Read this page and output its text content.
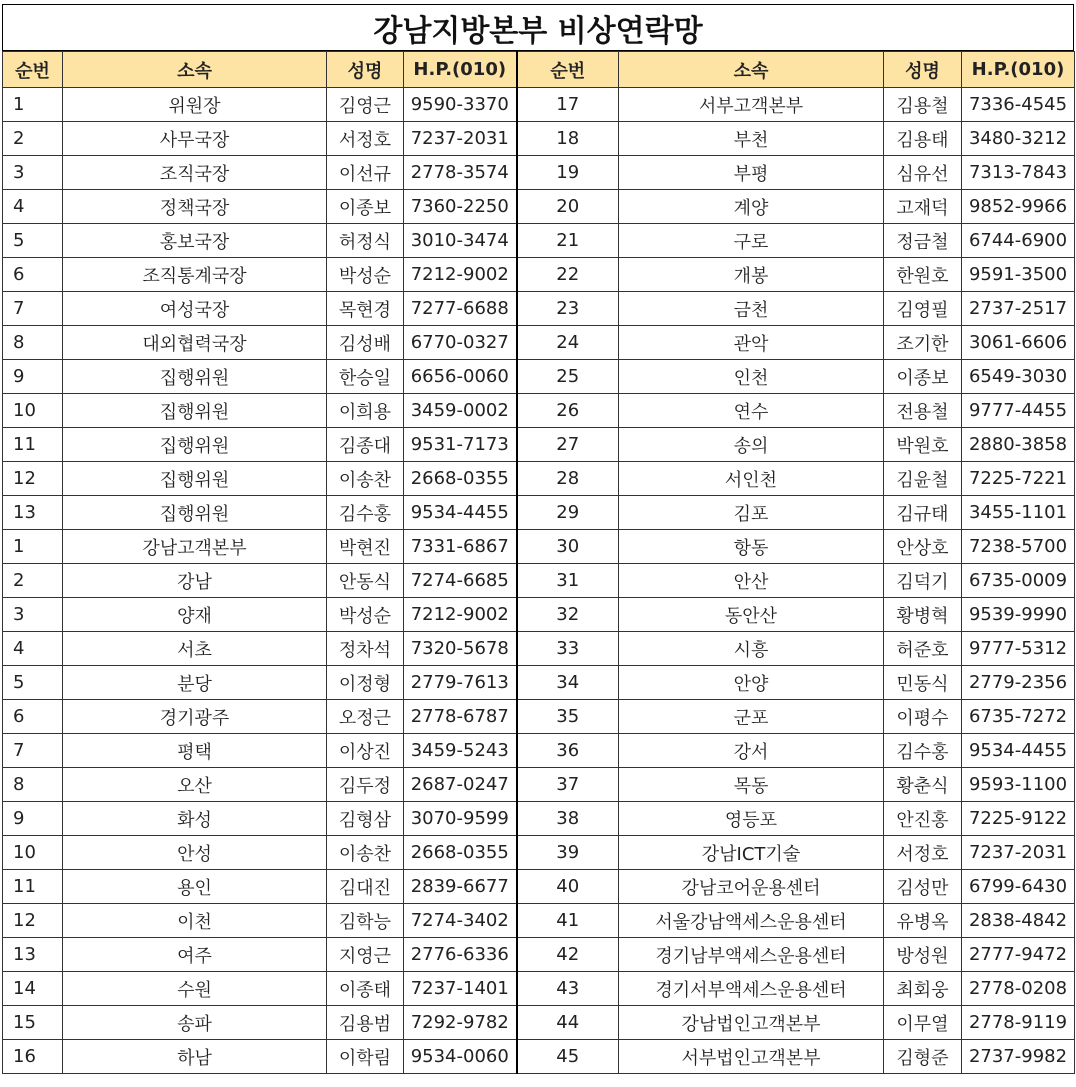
강남지방본부 비상연락망
순번	소속	성명	H.P.(010)	순번	소속	성명	H.P.(010)
1	위원장	김영근	9590-3370	17	서부고객본부	김용철	7336-4545
2	사무국장	서정호	7237-2031	18	부천	김용태	3480-3212
3	조직국장	이선규	2778-3574	19	부평	심유선	7313-7843
4	정책국장	이종보	7360-2250	20	계양	고재덕	9852-9966
5	홍보국장	허정식	3010-3474	21	구로	정금철	6744-6900
6	조직통계국장	박성순	7212-9002	22	개봉	한원호	9591-3500
7	여성국장	목현경	7277-6688	23	금천	김영필	2737-2517
8	대외협력국장	김성배	6770-0327	24	관악	조기한	3061-6606
9	집행위원	한승일	6656-0060	25	인천	이종보	6549-3030
10	집행위원	이희용	3459-0002	26	연수	전용철	9777-4455
11	집행위원	김종대	9531-7173	27	송의	박원호	2880-3858
12	집행위원	이송찬	2668-0355	28	서인천	김윤철	7225-7221
13	집행위원	김수홍	9534-4455	29	김포	김규태	3455-1101
1	강남고객본부	박현진	7331-6867	30	항동	안상호	7238-5700
2	강남	안동식	7274-6685	31	안산	김덕기	6735-0009
3	양재	박성순	7212-9002	32	동안산	황병혁	9539-9990
4	서초	정차석	7320-5678	33	시흥	허준호	9777-5312
5	분당	이정형	2779-7613	34	안양	민동식	2779-2356
6	경기광주	오정근	2778-6787	35	군포	이평수	6735-7272
7	평택	이상진	3459-5243	36	강서	김수홍	9534-4455
8	오산	김두정	2687-0247	37	목동	황춘식	9593-1100
9	화성	김형삼	3070-9599	38	영등포	안진홍	7225-9122
10	안성	이송찬	2668-0355	39	강남ICT기술	서정호	7237-2031
11	용인	김대진	2839-6677	40	강남코어운용센터	김성만	6799-6430
12	이천	김학능	7274-3402	41	서울강남액세스운용센터	유병옥	2838-4842
13	여주	지영근	2776-6336	42	경기남부액세스운용센터	방성원	2777-9472
14	수원	이종태	7237-1401	43	경기서부액세스운용센터	최회웅	2778-0208
15	송파	김용범	7292-9782	44	강남법인고객본부	이무열	2778-9119
16	하남	이학림	9534-0060	45	서부법인고객본부	김형준	2737-9982
